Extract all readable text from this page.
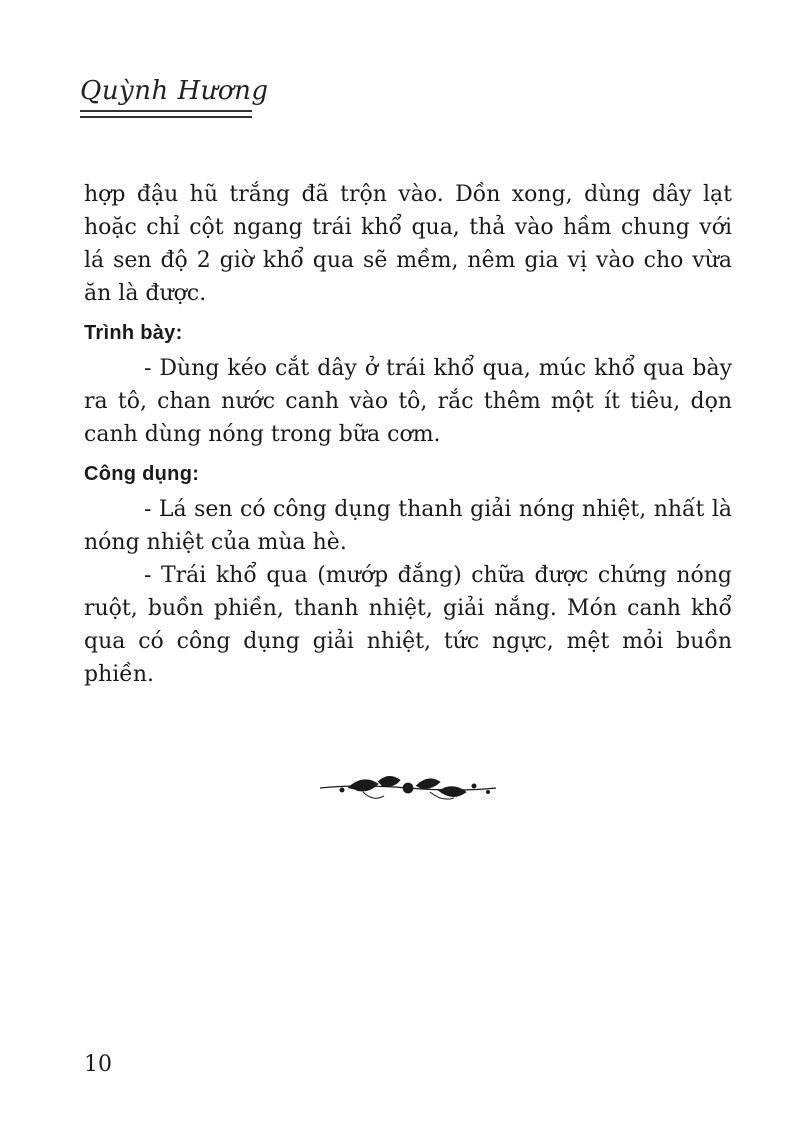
Quỳnh Hương

hợp đậu hũ trắng đã trộn vào. Dồn xong, dùng dây lạt hoặc chỉ cột ngang trái khổ qua, thả vào hầm chung với lá sen độ 2 giờ khổ qua sẽ mềm, nêm gia vị vào cho vừa ăn là được.

Trình bày:

- Dùng kéo cắt dây ở trái khổ qua, múc khổ qua bày ra tô, chan nước canh vào tô, rắc thêm một ít tiêu, dọn canh dùng nóng trong bữa cơm.

Công dụng:

- Lá sen có công dụng thanh giải nóng nhiệt, nhất là nóng nhiệt của mùa hè.

- Trái khổ qua (mướp đắng) chữa được chứng nóng ruột, buồn phiền, thanh nhiệt, giải nắng. Món canh khổ qua có công dụng giải nhiệt, tức ngực, mệt mỏi buồn phiền.

10
